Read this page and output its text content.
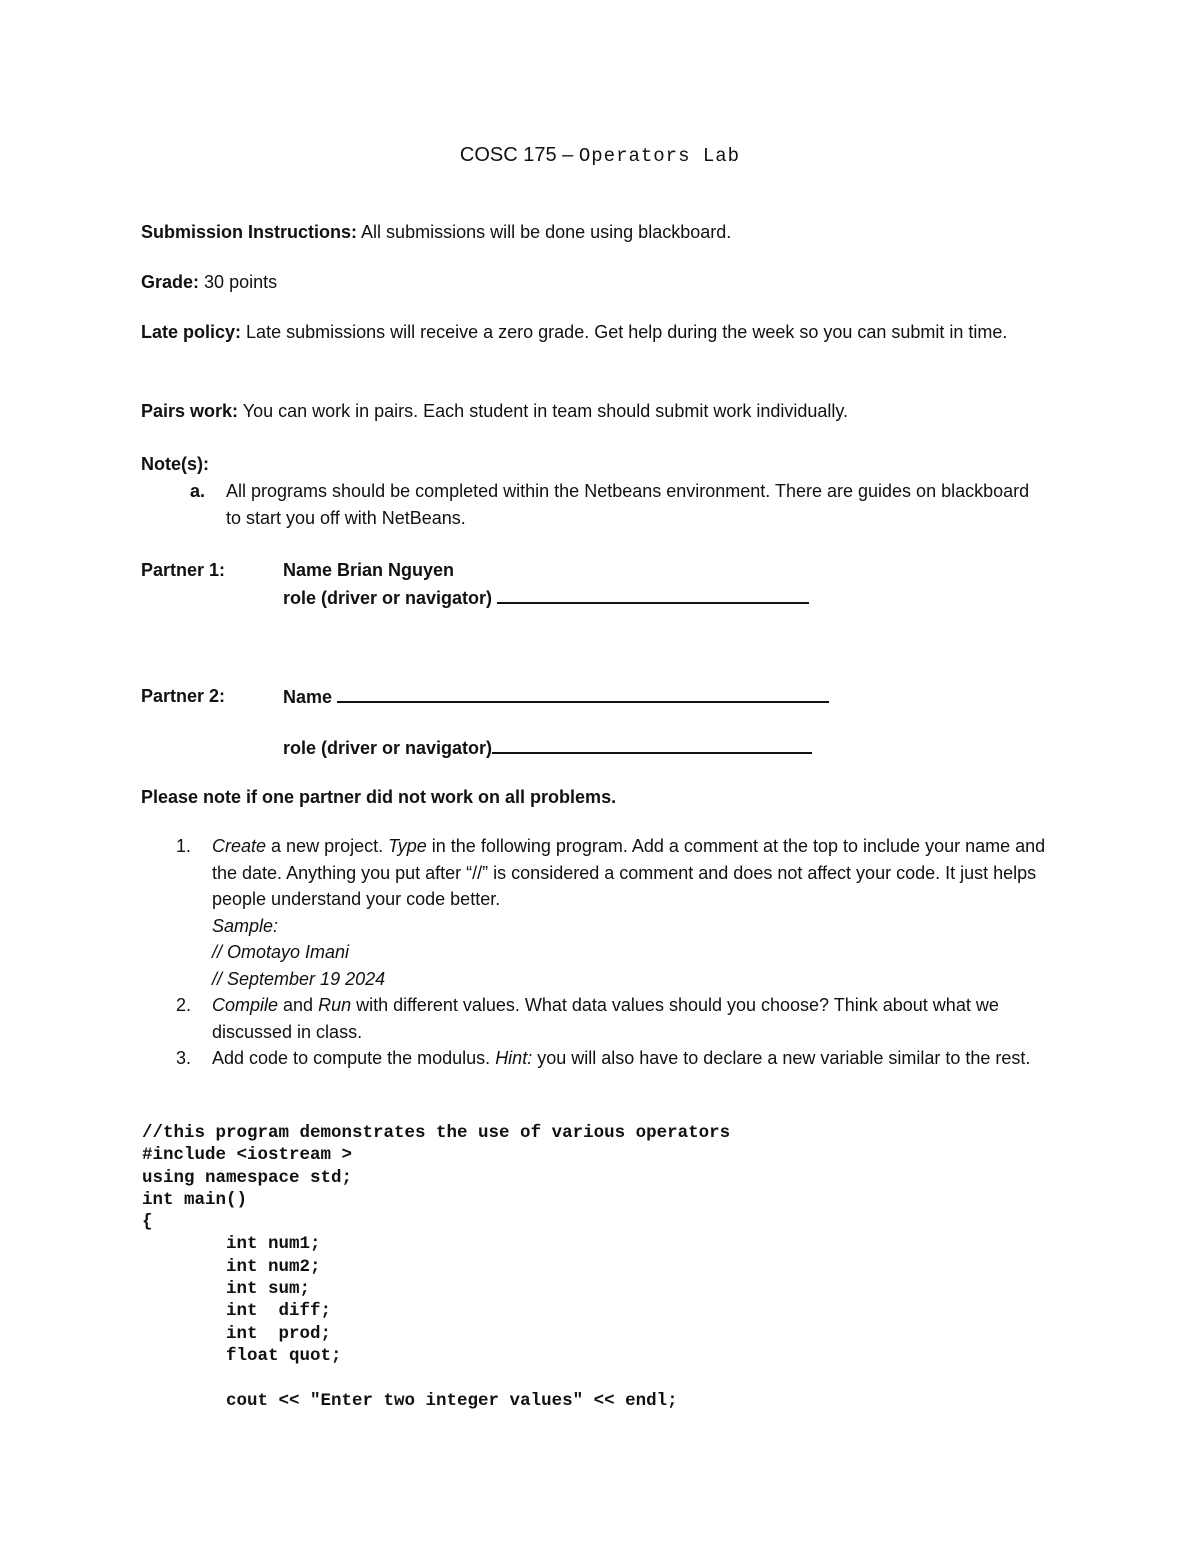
COSC 175 – Operators Lab
Submission Instructions: All submissions will be done using blackboard.
Grade: 30 points
Late policy: Late submissions will receive a zero grade. Get help during the week so you can submit in time.
Pairs work: You can work in pairs. Each student in team should submit work individually.
Note(s):
a. All programs should be completed within the Netbeans environment. There are guides on blackboard to start you off with NetBeans.
Partner 1:	Name Brian Nguyen
role (driver or navigator)
Partner 2:	Name
role (driver or navigator)
Please note if one partner did not work on all problems.
1. Create a new project. Type in the following program. Add a comment at the top to include your name and the date. Anything you put after “//” is considered a comment and does not affect your code. It just helps people understand your code better.
Sample:
// Omotayo Imani
// September 19 2024
2. Compile and Run with different values. What data values should you choose? Think about what we discussed in class.
3. Add code to compute the modulus. Hint: you will also have to declare a new variable similar to the rest.
//this program demonstrates the use of various operators
#include <iostream >
using namespace std;
int main()
{
	int num1;
	int num2;
	int sum;
	int  diff;
	int  prod;
	float quot;

	cout << "Enter two integer values" << endl;
